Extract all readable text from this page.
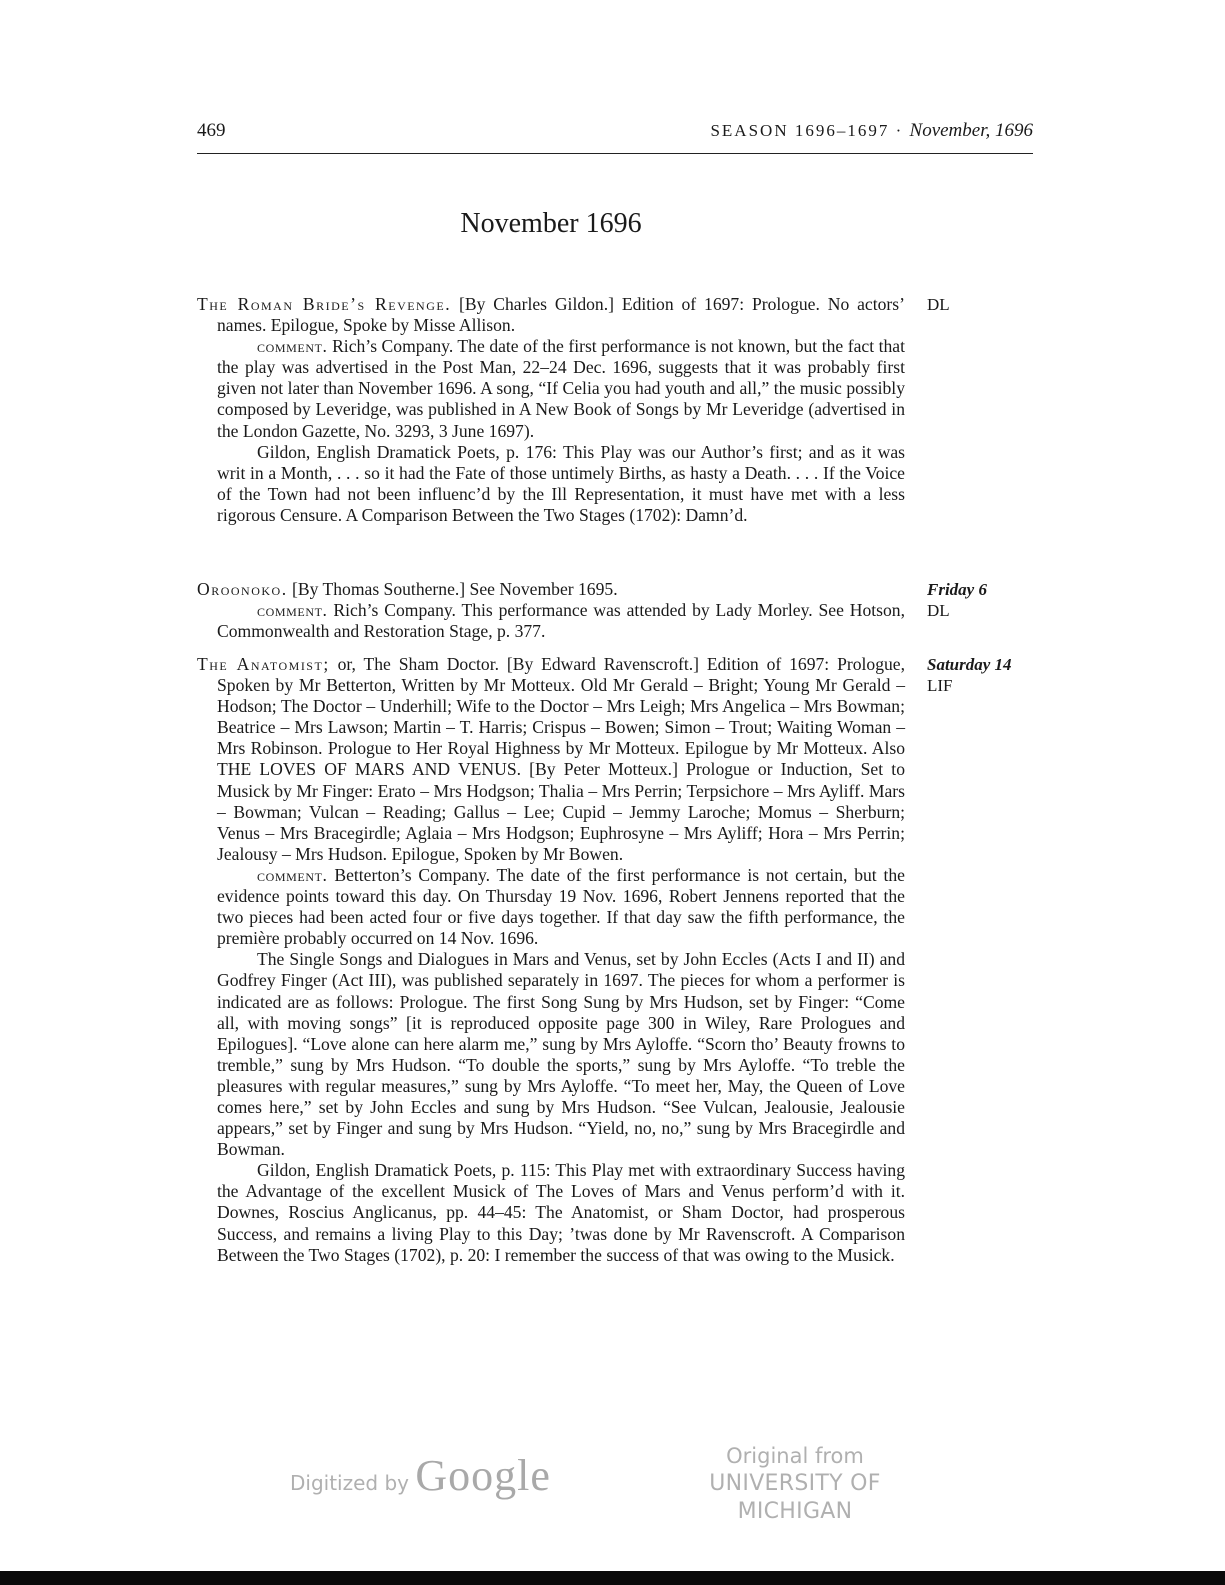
469	SEASON 1696–1697 · November, 1696
November 1696

The Roman Bride’s Revenge. [By Charles Gildon.] Edition of 1697: Prologue. No actors’ names. Epilogue, Spoke by Misse Allison.

comment. Rich’s Company. The date of the first performance is not known, but the fact that the play was advertised in the Post Man, 22–24 Dec. 1696, suggests that it was probably first given not later than November 1696. A song, “If Celia you had youth and all,” the music possibly composed by Leveridge, was published in A New Book of Songs by Mr Leveridge (advertised in the London Gazette, No. 3293, 3 June 1697).

Gildon, English Dramatick Poets, p. 176: This Play was our Author’s first; and as it was writ in a Month, . . . so it had the Fate of those untimely Births, as hasty a Death. . . . If the Voice of the Town had not been influenc’d by the Ill Representation, it must have met with a less rigorous Censure. A Comparison Between the Two Stages (1702): Damn’d.

DL

Oroonoko. [By Thomas Southerne.] See November 1695.

comment. Rich’s Company. This performance was attended by Lady Morley. See Hotson, Commonwealth and Restoration Stage, p. 377.

Friday 6
DL

The Anatomist; or, The Sham Doctor. [By Edward Ravenscroft.] Edition of 1697: Prologue, Spoken by Mr Betterton, Written by Mr Motteux. Old Mr Gerald – Bright; Young Mr Gerald – Hodson; The Doctor – Underhill; Wife to the Doctor – Mrs Leigh; Mrs Angelica – Mrs Bowman; Beatrice – Mrs Lawson; Martin – T. Harris; Crispus – Bowen; Simon – Trout; Waiting Woman – Mrs Robinson. Prologue to Her Royal Highness by Mr Motteux. Epilogue by Mr Motteux. Also THE LOVES OF MARS AND VENUS. [By Peter Motteux.] Prologue or Induction, Set to Musick by Mr Finger: Erato – Mrs Hodgson; Thalia – Mrs Perrin; Terpsichore – Mrs Ayliff. Mars – Bowman; Vulcan – Reading; Gallus – Lee; Cupid – Jemmy Laroche; Momus – Sherburn; Venus – Mrs Bracegirdle; Aglaia – Mrs Hodgson; Euphrosyne – Mrs Ayliff; Hora – Mrs Perrin; Jealousy – Mrs Hudson. Epilogue, Spoken by Mr Bowen.

comment. Betterton’s Company. The date of the first performance is not certain, but the evidence points toward this day. On Thursday 19 Nov. 1696, Robert Jennens reported that the two pieces had been acted four or five days together. If that day saw the fifth performance, the première probably occurred on 14 Nov. 1696.

The Single Songs and Dialogues in Mars and Venus, set by John Eccles (Acts I and II) and Godfrey Finger (Act III), was published separately in 1697. The pieces for whom a performer is indicated are as follows: Prologue. The first Song Sung by Mrs Hudson, set by Finger: “Come all, with moving songs” [it is reproduced opposite page 300 in Wiley, Rare Prologues and Epilogues]. “Love alone can here alarm me,” sung by Mrs Ayloffe. “Scorn tho’ Beauty frowns to tremble,” sung by Mrs Hudson. “To double the sports,” sung by Mrs Ayloffe. “To treble the pleasures with regular measures,” sung by Mrs Ayloffe. “To meet her, May, the Queen of Love comes here,” set by John Eccles and sung by Mrs Hudson. “See Vulcan, Jealousie, Jealousie appears,” set by Finger and sung by Mrs Hudson. “Yield, no, no,” sung by Mrs Bracegirdle and Bowman.

Gildon, English Dramatick Poets, p. 115: This Play met with extraordinary Success having the Advantage of the excellent Musick of The Loves of Mars and Venus perform’d with it. Downes, Roscius Anglicanus, pp. 44–45: The Anatomist, or Sham Doctor, had prosperous Success, and remains a living Play to this Day; ’twas done by Mr Ravenscroft. A Comparison Between the Two Stages (1702), p. 20: I remember the success of that was owing to the Musick.

Saturday 14
LIF
Digitized by Google	Original from
UNIVERSITY OF MICHIGAN
